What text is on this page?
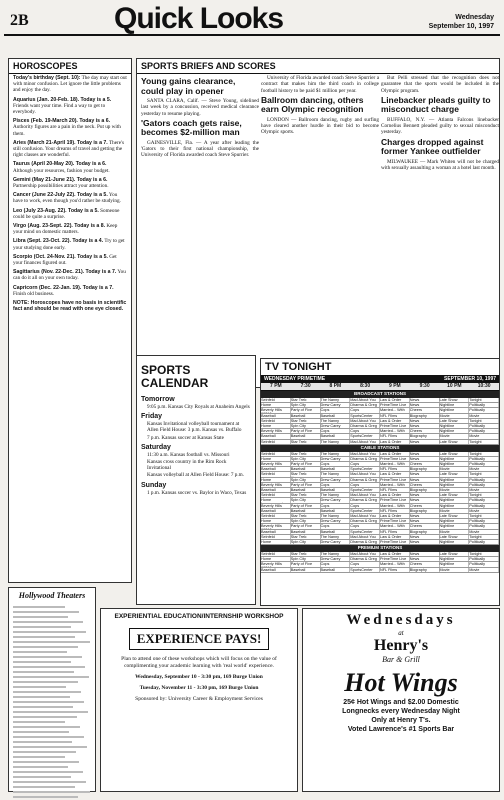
2B	Quick Looks	Wednesday
September 10, 1997
HOROSCOPES
Today's birthday (Sept. 10): The day may start out with minor confusion. Let ignore the little problems and enjoy the day.
Aquarius (Jan. 20-Feb. 18). Today is a 5. Friends want your time. Find a way to get to everybody.
Pisces (Feb. 19-March 20). Today is a 6. Authority figures are a pain in the neck. Put up with them.
Aries (March 21-April 19). Today is a 7. There's still confusion. Your dreams of travel and getting the right classes are wonderful.
Taurus (April 20-May 20). Today is a 6. Although your resources, fashion your budget.
Gemini (May 21-June 21). Today is a 6. Partnership possibilities attract your attention.
Cancer (June 22-July 22). Today is a 5. You have to work, even though you'd rather be studying.
Leo (July 23-Aug. 22). Today is a 5. Someone could be quite a surprise.
Virgo (Aug. 23-Sept. 22). Today is a 8. Keep your mind on domestic matters.
Libra (Sept. 23-Oct. 22). Today is a 4. Try to get your studying done early.
Scorpio (Oct. 24-Nov. 21). Today is a 5. Get your finances figured out.
Sagittarius (Nov. 22-Dec. 21). Today is a 7. You can do it all on your own today.
Capricorn (Dec. 22-Jan. 19). Today is a 7. Finish old business.
NOTE: Horoscopes have no basis in scientific fact and should be read with one eye closed.
SPORTS BRIEFS AND SCORES
Young gains clearance, could play in opener
SANTA CLARA, Calif. — Steve Young, sidelined last week by a concussion, received medical clearance yesterday to resume playing.
'Gators coach gets raise, becomes $2-million man
GAINESVILLE, Fla. — A year after leading the 'Gators to their first national championship, the University of Florida awarded coach Steve Spurrier.
University of Florida awarded coach Steve Spurrier a contract that makes him the third coach in college football history to be paid $1 million per year.
Ballroom dancing, others earn Olympic recognition
LONDON — Ballroom dancing, rugby and surfing have cleared another hurdle in their bid to become Olympic sports.
But Pelli stressed that the recognition does not guarantee that the sports would be included in the Olympic program.
Linebacker pleads guilty to misconduct charge
BUFFALO, N.Y. — Atlanta Falcons linebacker Cornelius Bennett pleaded guilty to sexual misconduct yesterday.
Charges dropped against former Yankee outfielder
MILWAUKEE — Mark Whiten will not be charged with sexually assaulting a woman at a hotel last month.
SPORTS CALENDAR
Tomorrow
9:05 p.m. Kansas City Royals at Anaheim Angels
Friday
Kansas Invitational volleyball tournament at Allen Field House: 3 p.m. Kansas vs. Buffalo
7 p.m. Kansas soccer at Kansas State
Saturday
11:30 a.m. Kansas football vs. Missouri
Kansas cross country in the Rim Rock Invitational
Kansas volleyball at Allen Field House: 7 p.m.
Sunday
1 p.m. Kansas soccer vs. Baylor in Waco, Texas
TV TONIGHT
WEDNESDAY PRIMETIME	SEPTEMBER 10, 1997
7 PM	7:30	8 PM	8:30	9 PM	9:30	10 PM	10:30
BROADCAST STATIONS
Seinfeld	Star Trek:	The Nanny	Mad About You	Law & Order	News	Late Show	Tonight
Home	Spin City	Drew Carey	Dharma & Greg PrimeTime Live News	Nightline	Politically
Beverly Hills	Party of Five	Cops	Cops	Married... With	Cheers	Nightline	Politically
Baseball	Baseball	Baseball	SportsCenter	NFL Films	Biography	Movie	Movie
Seinfeld	Star Trek:	The Nanny	Mad About You	Law & Order	News	Late Show	Tonight
Home	Spin City	Drew Carey	Dharma & Greg PrimeTime Live News	Nightline	Politically
Beverly Hills	Party of Five	Cops	Cops	Married... With	Cheers	Nightline	Politically
Baseball	Baseball	Baseball	SportsCenter	NFL Films	Biography	Movie	Movie
Seinfeld	Star Trek:	The Nanny	Mad About You	Law & Order	News	Late Show	Tonight
CABLE STATIONS
Seinfeld	Star Trek:	The Nanny	Mad About You	Law & Order	News	Late Show	Tonight
Home	Spin City	Drew Carey	Dharma & Greg PrimeTime Live News	Nightline	Politically
Beverly Hills	Party of Five	Cops	Cops	Married... With	Cheers	Nightline	Politically
Baseball	Baseball	Baseball	SportsCenter	NFL Films	Biography	Movie	Movie
Seinfeld	Star Trek:	The Nanny	Mad About You	Law & Order	News	Late Show	Tonight
Home	Spin City	Drew Carey	Dharma & Greg PrimeTime Live News	Nightline	Politically
Beverly Hills	Party of Five	Cops	Cops	Married... With	Cheers	Nightline	Politically
Baseball	Baseball	Baseball	SportsCenter	NFL Films	Biography	Movie	Movie
Seinfeld	Star Trek:	The Nanny	Mad About You	Law & Order	News	Late Show	Tonight
Home	Spin City	Drew Carey	Dharma & Greg PrimeTime Live News	Nightline	Politically
Beverly Hills	Party of Five	Cops	Cops	Married... With	Cheers	Nightline	Politically
Baseball	Baseball	Baseball	SportsCenter	NFL Films	Biography	Movie	Movie
Seinfeld	Star Trek:	The Nanny	Mad About You	Law & Order	News	Late Show	Tonight
Home	Spin City	Drew Carey	Dharma & Greg PrimeTime Live News	Nightline	Politically
Beverly Hills	Party of Five	Cops	Cops	Married... With	Cheers	Nightline	Politically
Baseball	Baseball	Baseball	SportsCenter	NFL Films	Biography	Movie	Movie
Seinfeld	Star Trek:	The Nanny	Mad About You	Law & Order	News	Late Show	Tonight
Home	Spin City	Drew Carey	Dharma & Greg PrimeTime Live News	Nightline	Politically
PREMIUM STATIONS
Seinfeld	Star Trek:	The Nanny	Mad About You	Law & Order	News	Late Show	Tonight
Home	Spin City	Drew Carey	Dharma & Greg PrimeTime Live News	Nightline	Politically
Beverly Hills	Party of Five	Cops	Cops	Married... With	Cheers	Nightline	Politically
Baseball	Baseball	Baseball	SportsCenter	NFL Films	Biography	Movie	Movie
Hollywood Theaters
EXPERIENTIAL EDUCATION/INTERNSHIP WORKSHOP
EXPERIENCE PAYS!
Plan to attend one of these workshops which will focus on the value of complimenting your academic learning with 'real world' experience.
Wednesday, September 10 - 3:30 pm, 169 Burge Union
Tuesday, November 11 - 3:30 pm, 169 Burge Union
Sponsored by: University Career & Employment Services
Wednesdays
at
Henry's
Bar & Grill
Hot Wings
25¢ Hot Wings and $2.00 Domestic
Longnecks every Wednesday Night
Only at Henry T's.
Voted Lawrence's #1 Sports Bar
